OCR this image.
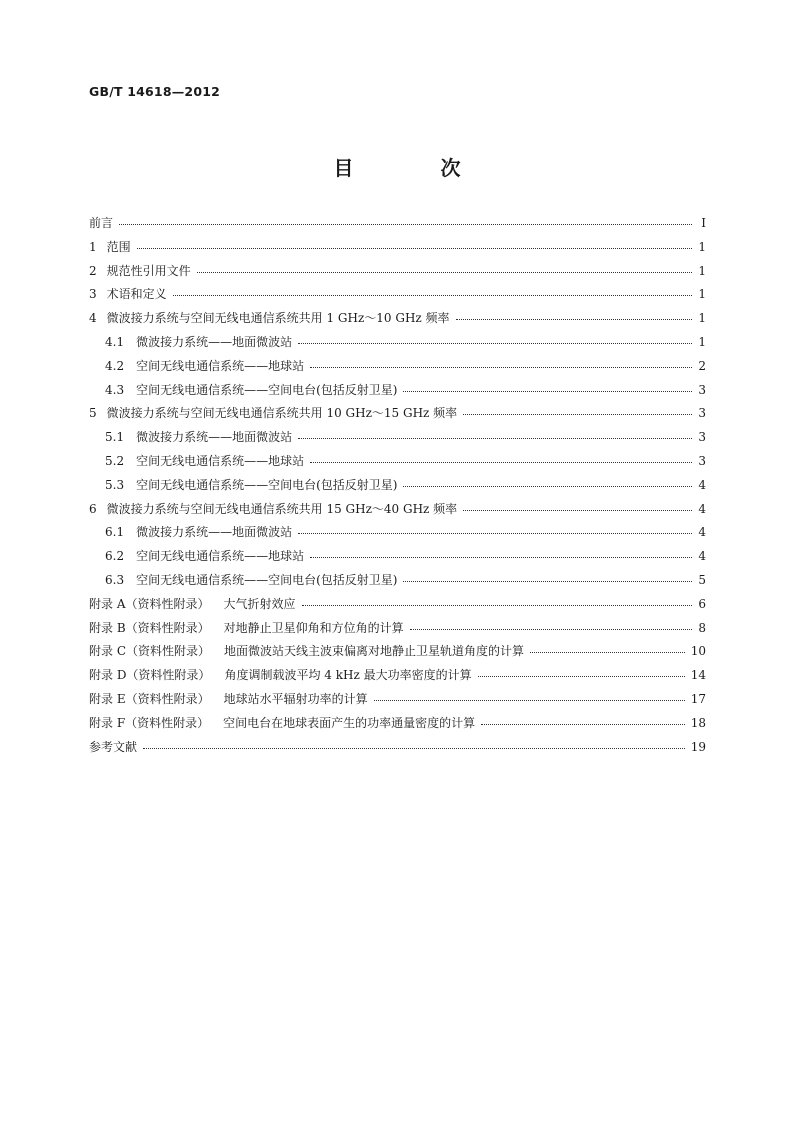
GB/T 14618—2012
目 次
前言	Ⅰ
1 范围	1
2 规范性引用文件	1
3 术语和定义	1
4 微波接力系统与空间无线电通信系统共用 1 GHz～10 GHz 频率	1
4.1 微波接力系统——地面微波站	1
4.2 空间无线电通信系统——地球站	2
4.3 空间无线电通信系统——空间电台(包括反射卫星)	3
5 微波接力系统与空间无线电通信系统共用 10 GHz～15 GHz 频率	3
5.1 微波接力系统——地面微波站	3
5.2 空间无线电通信系统——地球站	3
5.3 空间无线电通信系统——空间电台(包括反射卫星)	4
6 微波接力系统与空间无线电通信系统共用 15 GHz～40 GHz 频率	4
6.1 微波接力系统——地面微波站	4
6.2 空间无线电通信系统——地球站	4
6.3 空间无线电通信系统——空间电台(包括反射卫星)	5
附录 A（资料性附录） 大气折射效应	6
附录 B（资料性附录） 对地静止卫星仰角和方位角的计算	8
附录 C（资料性附录） 地面微波站天线主波束偏离对地静止卫星轨道角度的计算	10
附录 D（资料性附录） 角度调制载波平均 4 kHz 最大功率密度的计算	14
附录 E（资料性附录） 地球站水平辐射功率的计算	17
附录 F（资料性附录） 空间电台在地球表面产生的功率通量密度的计算	18
参考文献	19
